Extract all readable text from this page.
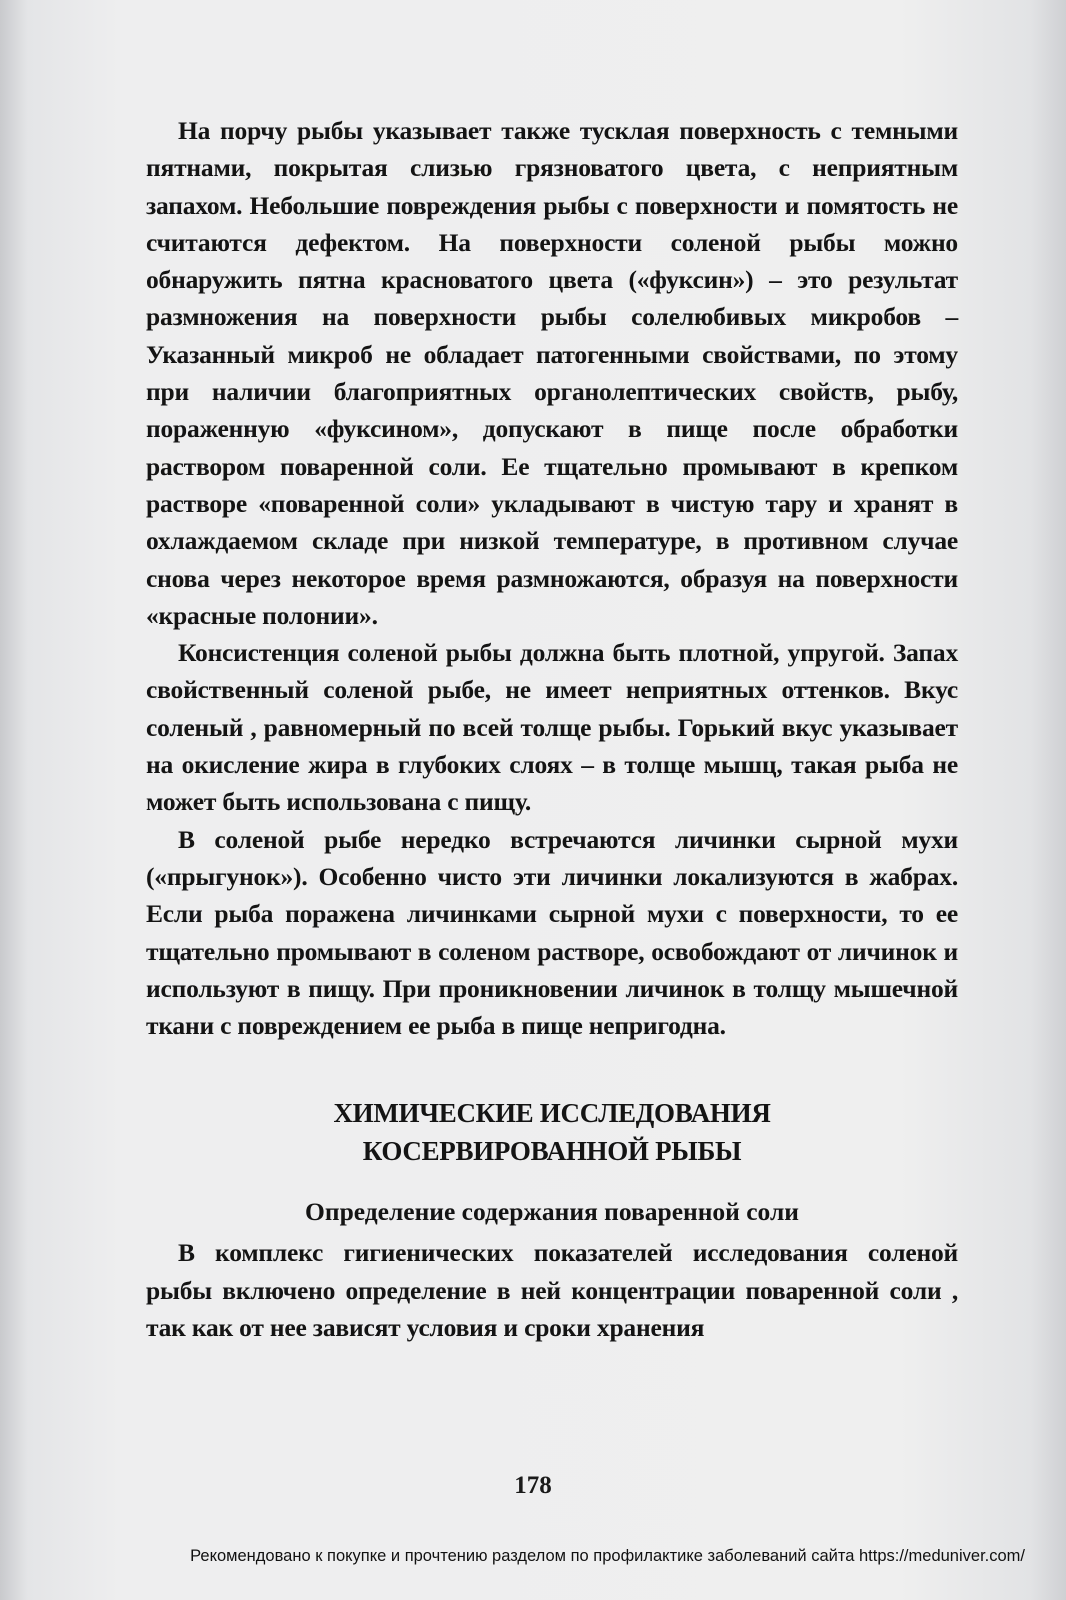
На порчу рыбы указывает также тусклая поверхность с темными пятнами, покрытая слизью грязноватого цвета, с неприятным запахом. Небольшие повреждения рыбы с поверхности и помятость не считаются дефектом. На поверхности соленой рыбы можно обнаружить пятна красноватого цвета («фуксин») – это результат размножения на поверхности рыбы солелюбивых микробов – Указанный микроб не обладает патогенными свойствами, по этому при наличии благоприятных органолептических свойств, рыбу, пораженную «фуксином», допускают в пище после обработки раствором поваренной соли. Ее тщательно промывают в крепком растворе «поваренной соли» укладывают в чистую тару и хранят в охлаждаемом складе при низкой температуре, в противном случае снова через некоторое время размножаются, образуя на поверхности «красные полонии».

Консистенция соленой рыбы должна быть плотной, упругой. Запах свойственный соленой рыбе, не имеет неприятных оттенков. Вкус соленый , равномерный по всей толще рыбы. Горький вкус указывает на окисление жира в глубоких слоях – в толще мышц, такая рыба не может быть использована с пищу.

В соленой рыбе нередко встречаются личинки сырной мухи («прыгунок»). Особенно чисто эти личинки локализуются в жабрах. Если рыба поражена личинками сырной мухи с поверхности, то ее тщательно промывают в соленом растворе, освобождают от личинок и используют в пищу. При проникновении личинок в толщу мышечной ткани с повреждением ее рыба в пище непригодна.

ХИМИЧЕСКИЕ ИССЛЕДОВАНИЯ
КОСЕРВИРОВАННОЙ РЫБЫ
Определение содержания поваренной соли

В комплекс гигиенических показателей исследования соленой рыбы включено определение в ней концентрации поваренной соли , так как от нее зависят условия и сроки хранения

178
Рекомендовано к покупке и прочтению разделом по профилактике заболеваний сайта https://meduniver.com/
